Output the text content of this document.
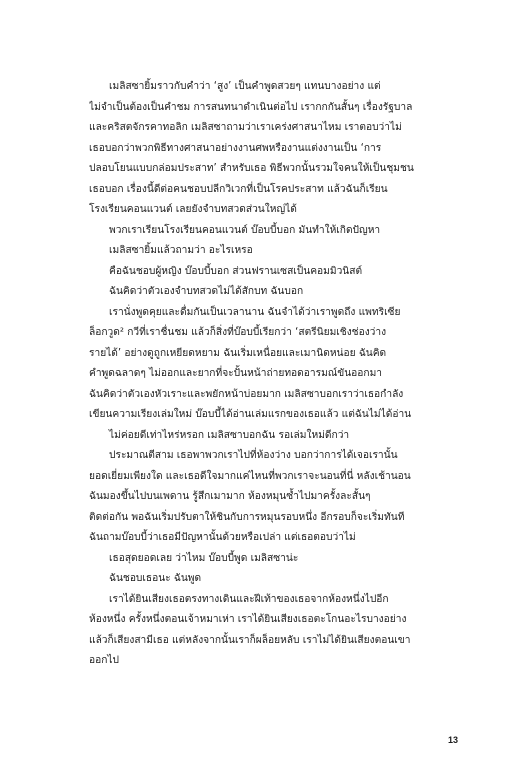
เมลิสซายิ้มราวกับคำว่า ‘สูง’ เป็นคำพูดสวยๆ แทนบางอย่าง แต่
ไม่จำเป็นต้องเป็นคำชม การสนทนาดำเนินต่อไป เรากกกันสั้นๆ เรื่องรัฐบาล
และคริสตจักรคาทอลิก เมลิสซาถามว่าเราเคร่งศาสนาไหม เราตอบว่าไม่
เธอบอกว่าพวกพิธีทางศาสนาอย่างงานศพหรืองานแต่งงานเป็น ‘การ
ปลอบโยนแบบกล่อมประสาท’ สำหรับเธอ พิธีพวกนั้นรวมใจคนให้เป็นชุมชน
เธอบอก เรื่องนี้ดีต่อคนชอบปลีกวิเวกที่เป็นโรคประสาท แล้วฉันก็เรียน
โรงเรียนคอนแวนต์ เลยยังจำบทสวดส่วนใหญ่ได้
พวกเราเรียนโรงเรียนคอนแวนต์ บ๊อบบี้บอก มันทำให้เกิดปัญหา
เมลิสซายิ้มแล้วถามว่า อะไรเหรอ
คือฉันชอบผู้หญิง บ๊อบบี้บอก ส่วนฟรานเซสเป็นคอมมิวนิสต์
ฉันคิดว่าตัวเองจำบทสวดไม่ได้สักบท ฉันบอก
เรานั่งพูดคุยและดื่มกันเป็นเวลานาน ฉันจำได้ว่าเราพูดถึง แพทริเซีย
ล็อกวูด² กวีที่เราชื่นชม แล้วก็สิ่งที่บ๊อบบี้เรียกว่า ‘สตรีนิยมเชิงช่องว่าง
รายได้’ อย่างดูถูกเหยียดหยาม ฉันเริ่มเหนื่อยและเมานิดหน่อย ฉันคิด
คำพูดฉลาดๆ ไม่ออกและยากที่จะปั้นหน้าถ่ายทอดอารมณ์ขันออกมา
ฉันคิดว่าตัวเองหัวเราะและพยักหน้าบ่อยมาก เมลิสซาบอกเราว่าเธอกำลัง
เขียนความเรียงเล่มใหม่ บ๊อบบี้ได้อ่านเล่มแรกของเธอแล้ว แต่ฉันไม่ได้อ่าน
ไม่ค่อยดีเท่าไหร่หรอก เมลิสซาบอกฉัน รอเล่มใหม่ดีกว่า
ประมาณตีสาม เธอพาพวกเราไปที่ห้องว่าง บอกว่าการได้เจอเรานั้น
ยอดเยี่ยมเพียงใด และเธอดีใจมากแค่ไหนที่พวกเราจะนอนที่นี่ หลังเช้านอน
ฉันมองขึ้นไปบนเพดาน รู้สึกเมามาก ห้องหมุนซ้ำไปมาครั้งละสั้นๆ
ติดต่อกัน พอฉันเริ่มปรับตาให้ชินกับการหมุนรอบหนึ่ง อีกรอบก็จะเริ่มทันที
ฉันถามบ๊อบบี้ว่าเธอมีปัญหานั้นด้วยหรือเปล่า แต่เธอตอบว่าไม่
เธอสุดยอดเลย ว่าไหม บ๊อบบี้พูด เมลิสซาน่ะ
ฉันชอบเธอนะ ฉันพูด
เราได้ยินเสียงเธอตรงทางเดินและฝีเท้าของเธอจากห้องหนึ่งไปอีก
ห้องหนึ่ง ครั้งหนึ่งตอนเจ้าหมาเห่า เราได้ยินเสียงเธอตะโกนอะไรบางอย่าง
แล้วก็เสียงสามีเธอ แต่หลังจากนั้นเราก็ผล็อยหลับ เราไม่ได้ยินเสียงตอนเขา
ออกไป
13
